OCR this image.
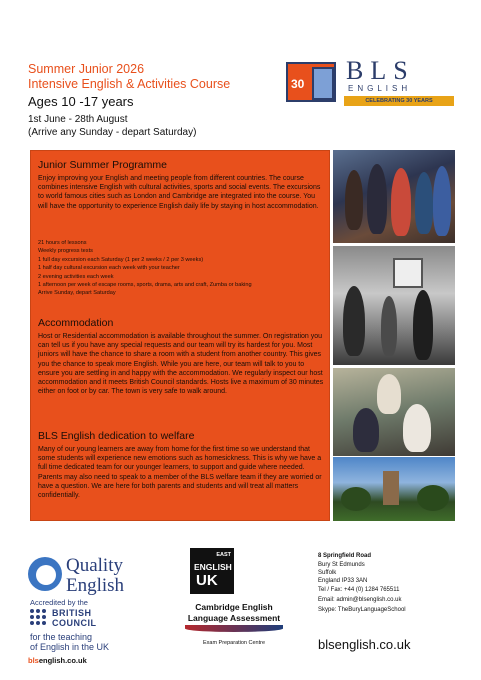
Summer Junior 2026
Intensive English & Activities Course
Ages 10 -17 years
1st June - 28th August
(Arrive any Sunday - depart Saturday)
30 BLS
ENGLISH
CELEBRATING 30 YEARS
Junior Summer Programme

Enjoy improving your English and meeting people from different countries. The course combines intensive English with cultural activities, sports and social events. The excursions to world famous cities such as London and Cambridge are integrated into the course. You will have the opportunity to experience English daily life by staying in host accommodation.

21 hours of lessons
Weekly progress tests
1 full day excursion each Saturday (1 per 2 weeks / 2 per 3 weeks)
1 half day cultural excursion each week with your teacher
2 evening activities each week
1 afternoon per week of escape rooms, sports, drama, arts and craft, Zumba or baking
Arrive Sunday, depart Saturday
Accommodation

Host or Residential accommodation is available throughout the summer. On registration you can tell us if you have any special requests and our team will try its hardest for you. Most juniors will have the chance to share a room with a student from another country. This gives you the chance to speak more English. While you are here, our team will talk to you to ensure you are settling in and happy with the accommodation. We regularly inspect our host accommodation and it meets British Council standards. Hosts live a maximum of 30 minutes either on foot or by car. The town is very safe to walk around.

BLS English dedication to welfare

Many of our young learners are away from home for the first time so we understand that some students will experience new emotions such as homesickness. This is why we have a full time dedicated team for our younger learners, to support and guide where needed. Parents may also need to speak to a member of the BLS welfare team if they are worried or have a question. We are here for both parents and students and will treat all matters confidentially.

Quality
English
Accredited by the
BRITISH
COUNCIL
for the teaching
of English in the UK
EAST
ENGLISH
UK
Cambridge English
Language Assessment
Exam Preparation Centre
8 Springfield Road
Bury St Edmunds
Suffolk
England IP33 3AN
Tel / Fax: +44 (0) 1284 765511
Email: admin@blsenglish.co.uk
Skype: TheBuryLanguageSchool
blsenglish.co.uk
blsenglish.co.uk
